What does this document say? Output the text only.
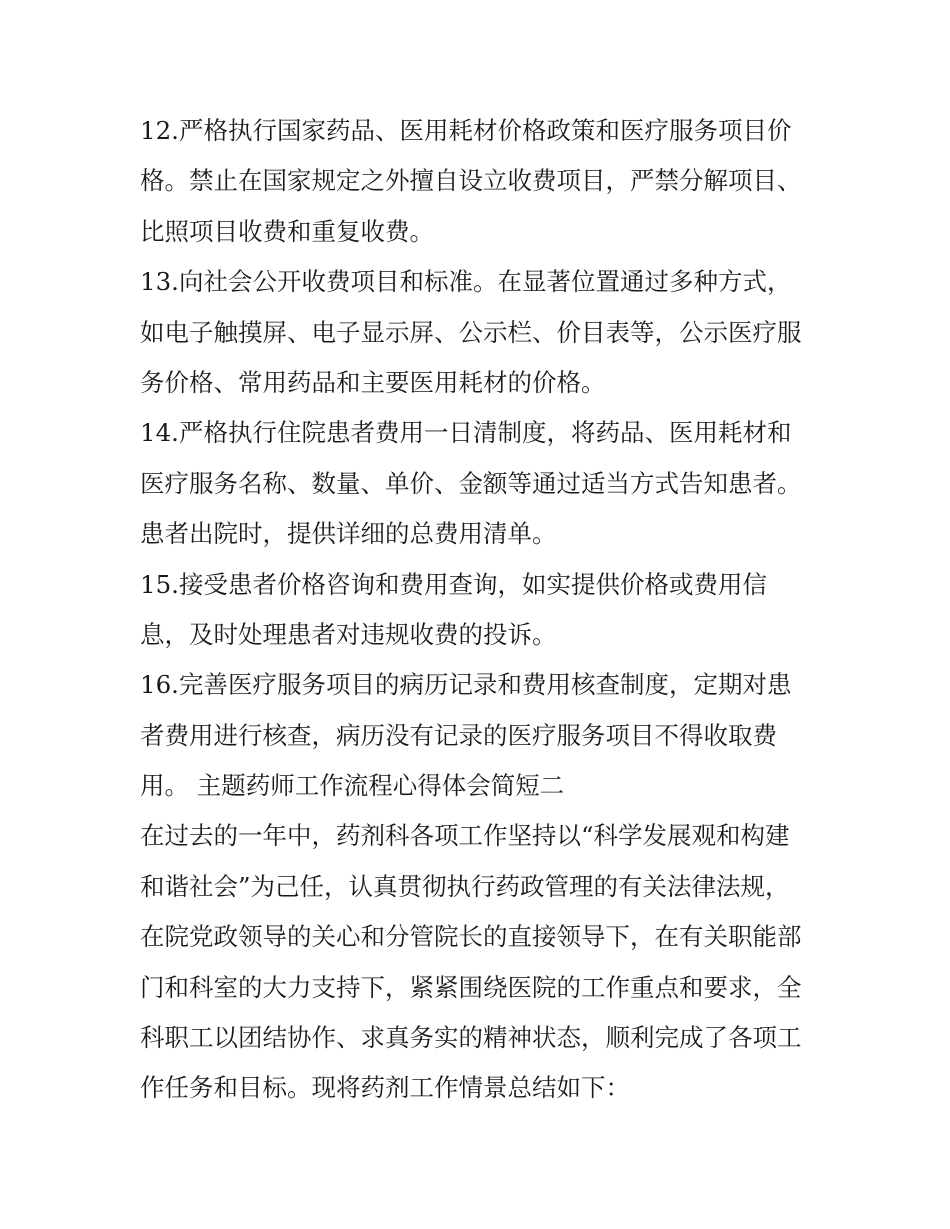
12.严格执行国家药品、医用耗材价格政策和医疗服务项目价
格。禁止在国家规定之外擅自设立收费项目，严禁分解项目、
比照项目收费和重复收费。
13.向社会公开收费项目和标准。在显著位置通过多种方式，
如电子触摸屏、电子显示屏、公示栏、价目表等，公示医疗服
务价格、常用药品和主要医用耗材的价格。
14.严格执行住院患者费用一日清制度，将药品、医用耗材和
医疗服务名称、数量、单价、金额等通过适当方式告知患者。
患者出院时，提供详细的总费用清单。
15.接受患者价格咨询和费用查询，如实提供价格或费用信
息，及时处理患者对违规收费的投诉。
16.完善医疗服务项目的病历记录和费用核查制度，定期对患
者费用进行核查，病历没有记录的医疗服务项目不得收取费
用。 主题药师工作流程心得体会简短二
在过去的一年中，药剂科各项工作坚持以“科学发展观和构建
和谐社会”为己任，认真贯彻执行药政管理的有关法律法规，
在院党政领导的关心和分管院长的直接领导下，在有关职能部
门和科室的大力支持下，紧紧围绕医院的工作重点和要求，全
科职工以团结协作、求真务实的精神状态，顺利完成了各项工
作任务和目标。现将药剂工作情景总结如下：
